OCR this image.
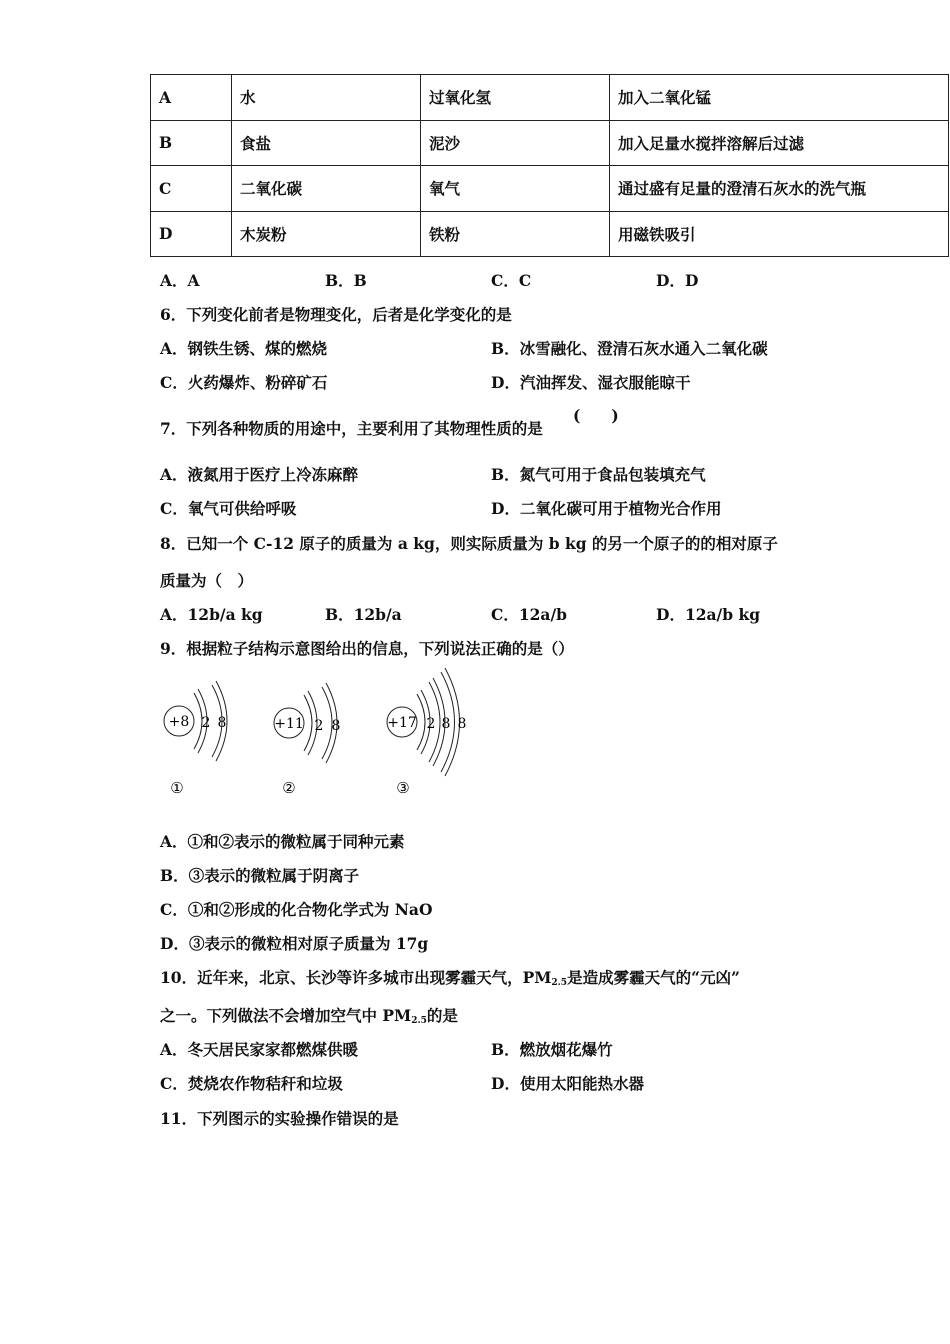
A	水	过氧化氢	加入二氧化锰
B	食盐	泥沙	加入足量水搅拌溶解后过滤
C	二氧化碳	氧气	通过盛有足量的澄清石灰水的洗气瓶
D	木炭粉	铁粉	用磁铁吸引
A．A	B．B	C．C	D．D
6．下列变化前者是物理变化，后者是化学变化的是
A．钢铁生锈、煤的燃烧	B．冰雪融化、澄清石灰水通入二氧化碳
C．火药爆炸、粉碎矿石	D．汽油挥发、湿衣服能晾干
7．下列各种物质的用途中，主要利用了其物理性质的是
(　　)
A．液氮用于医疗上冷冻麻醉	B．氮气可用于食品包装填充气
C．氧气可供给呼吸	D．二氧化碳可用于植物光合作用
8．已知一个 C-12 原子的质量为 a kg，则实际质量为 b kg 的另一个原子的的相对原子
质量为（　）
A．12b/a kg	B．12b/a	C．12a/b	D．12a/b kg
9．根据粒子结构示意图给出的信息，下列说法正确的是（）
+8 2 8
①
+11 2 8
②
+17 2 8 8
③
A．①和②表示的微粒属于同种元素
B．③表示的微粒属于阴离子
C．①和②形成的化合物化学式为 NaO
D．③表示的微粒相对原子质量为 17g
10．近年来，北京、长沙等许多城市出现雾霾天气，PM2.5是造成雾霾天气的“元凶”
之一。下列做法不会增加空气中 PM2.5的是
A．冬天居民家家都燃煤供暖	B．燃放烟花爆竹
C．焚烧农作物秸秆和垃圾	D．使用太阳能热水器
11．下列图示的实验操作错误的是
